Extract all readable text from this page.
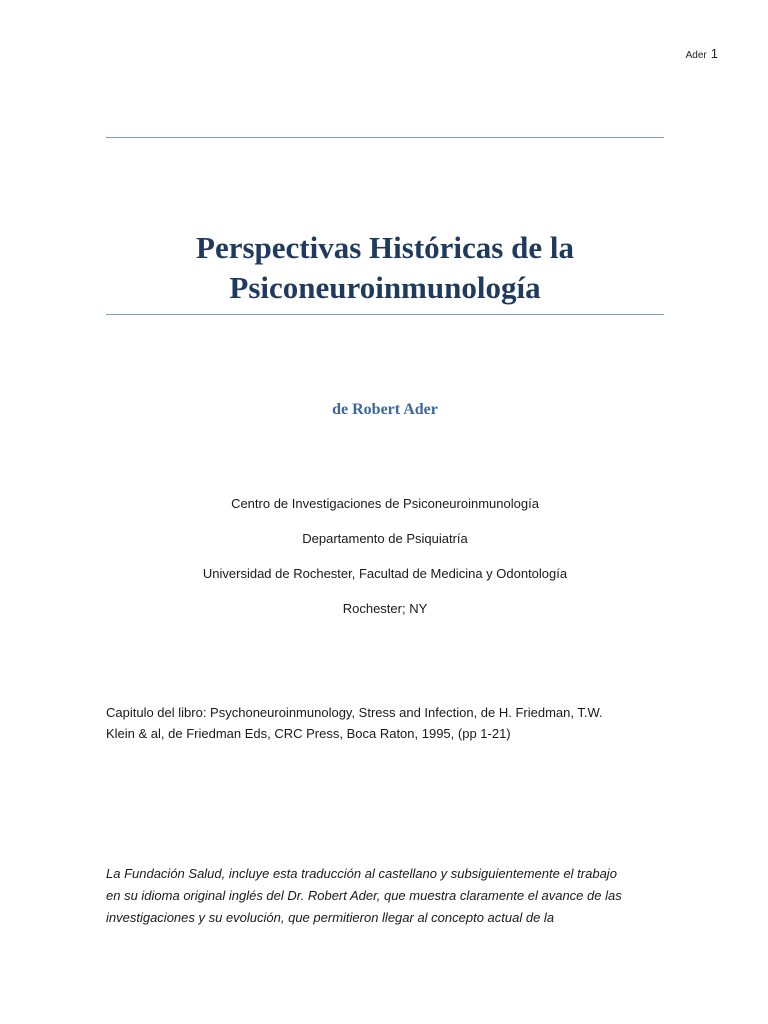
Ader 1
Perspectivas Históricas de la
Psiconeuroinmunología
de Robert Ader
Centro de Investigaciones de Psiconeuroinmunología
Departamento de Psiquiatría
Universidad de Rochester, Facultad de Medicina y Odontología
Rochester; NY
Capitulo del libro: Psychoneuroinmunology, Stress and Infection, de H. Friedman, T.W.
Klein & al, de Friedman Eds, CRC Press, Boca Raton, 1995, (pp 1-21)
La Fundación Salud, incluye esta traducción al castellano y subsiguientemente el trabajo
en su idioma original inglés del Dr. Robert Ader, que muestra claramente el avance de las
investigaciones y su evolución, que permitieron llegar al concepto actual de la
